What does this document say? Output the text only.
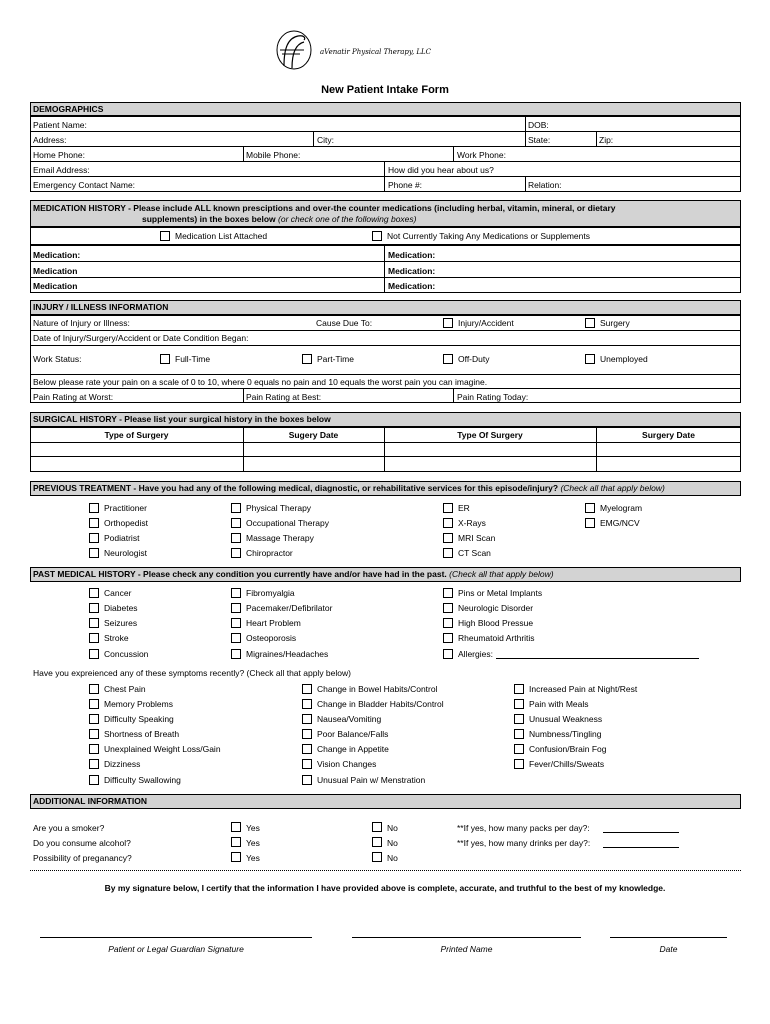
aVenatir Physical Therapy, LLC
New Patient Intake Form
DEMOGRAPHICS
Patient Name:	DOB:
Address:	City:	State:	Zip:
Home Phone:	Mobile Phone:	Work Phone:
Email Address:	How did you hear about us?
Emergency Contact Name:	Phone #:	Relation:
MEDICATION HISTORY - Please include ALL known presciptions and over-the counter medications (including herbal, vitamin, mineral, or dietary
supplements) in the boxes below (or check one of the following boxes)
Medication List Attached	Not Currently Taking Any Medications or Supplements
Medication:	Medication:
Medication	Medication:
Medication	Medication:
INJURY / ILLNESS INFORMATION
Nature of Injury or Illness:	Cause Due To:	Injury/Accident	Surgery
Date of Injury/Surgery/Accident or Date Condition Began:
Work Status:	Full-Time	Part-Time	Off-Duty	Unemployed
Below please rate your pain on a scale of 0 to 10, where 0 equals no pain and 10 equals the worst pain you can imagine.
Pain Rating at Worst:	Pain Rating at Best:	Pain Rating Today:
SURGICAL HISTORY - Please list your surgical history in the boxes below
Type of Surgery	Sugery Date	Type Of Surgery	Surgery Date
PREVIOUS TREATMENT - Have you had any of the following medical, diagnostic, or rehabilitative services for this episode/injury? (Check all that apply below)
Practitioner
Orthopedist
Podiatrist
Neurologist
Physical Therapy
Occupational Therapy
Massage Therapy
Chiropractor
ER
X-Rays
MRI Scan
CT Scan
Myelogram
EMG/NCV
PAST MEDICAL HISTORY - Please check any condition you currently have and/or have had in the past. (Check all that apply below)
Cancer
Diabetes
Seizures
Stroke
Concussion
Fibromyalgia
Pacemaker/Defibrilator
Heart Problem
Osteoporosis
Migraines/Headaches
Pins or Metal Implants
Neurologic Disorder
High Blood Pressue
Rheumatoid Arthritis
Allergies:
Have you expreienced any of these symptoms recently? (Check all that apply below)
Chest Pain
Memory Problems
Difficulty Speaking
Shortness of Breath
Unexplained Weight Loss/Gain
Dizziness
Difficulty Swallowing
Change in Bowel Habits/Control
Change in Bladder Habits/Control
Nausea/Vomiting
Poor Balance/Falls
Change in Appetite
Vision Changes
Unusual Pain w/ Menstration
Increased Pain at Night/Rest
Pain with Meals
Unusual Weakness
Numbness/Tingling
Confusion/Brain Fog
Fever/Chills/Sweats
ADDITIONAL INFORMATION
Are you a smoker?	Yes	No	**If yes, how many packs per day?:
Do you consume alcohol?	Yes	No	**If yes, how many drinks per day?:
Possibility of preganancy?	Yes	No
By my signature below, I certify that the information I have provided above is complete, accurate, and truthful to the best of my knowledge.
Patient or Legal Guardian Signature	Printed Name	Date
